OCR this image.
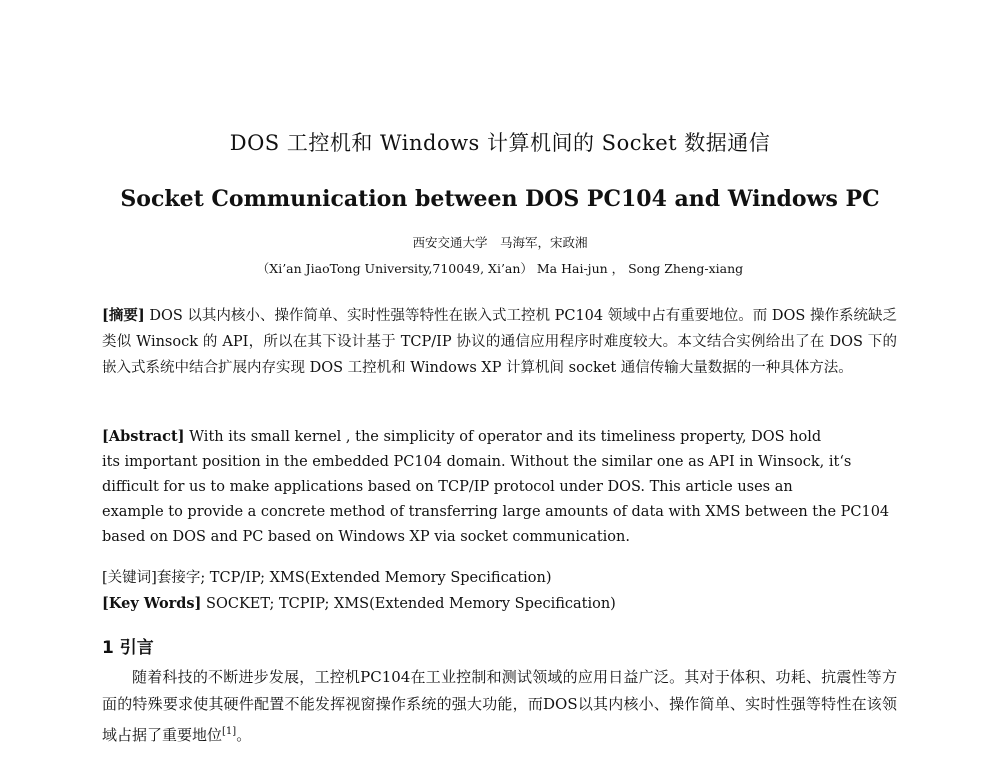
DOS 工控机和 Windows 计算机间的 Socket 数据通信
Socket Communication between DOS PC104 and Windows PC
西安交通大学　马海军，宋政湘
（Xi’an JiaoTong University,710049, Xi’an） Ma Hai-jun ， Song Zheng-xiang
[摘要] DOS 以其内核小、操作简单、实时性强等特性在嵌入式工控机 PC104 领域中占有重要地位。而 DOS 操作系统缺乏类似 Winsock 的 API，所以在其下设计基于 TCP/IP 协议的通信应用程序时难度较大。本文结合实例给出了在 DOS 下的嵌入式系统中结合扩展内存实现 DOS 工控机和 Windows XP 计算机间 socket 通信传输大量数据的一种具体方法。
[Abstract] With its small kernel , the simplicity of operator and its timeliness property, DOS hold
its important position in the embedded PC104 domain. Without the similar one as API in Winsock, it‘s
difficult for us to make applications based on TCP/IP protocol under DOS. This article uses an
example to provide a concrete method of transferring large amounts of data with XMS between the PC104
based on DOS and PC based on Windows XP via socket communication.
[关键词]套接字; TCP/IP; XMS(Extended Memory Specification)
[Key Words] SOCKET; TCPIP; XMS(Extended Memory Specification)
1 引言
随着科技的不断进步发展，工控机PC104在工业控制和测试领域的应用日益广泛。其对于体积、功耗、抗震性等方面的特殊要求使其硬件配置不能发挥视窗操作系统的强大功能，而DOS以其内核小、操作简单、实时性强等特性在该领域占据了重要地位[1]。
